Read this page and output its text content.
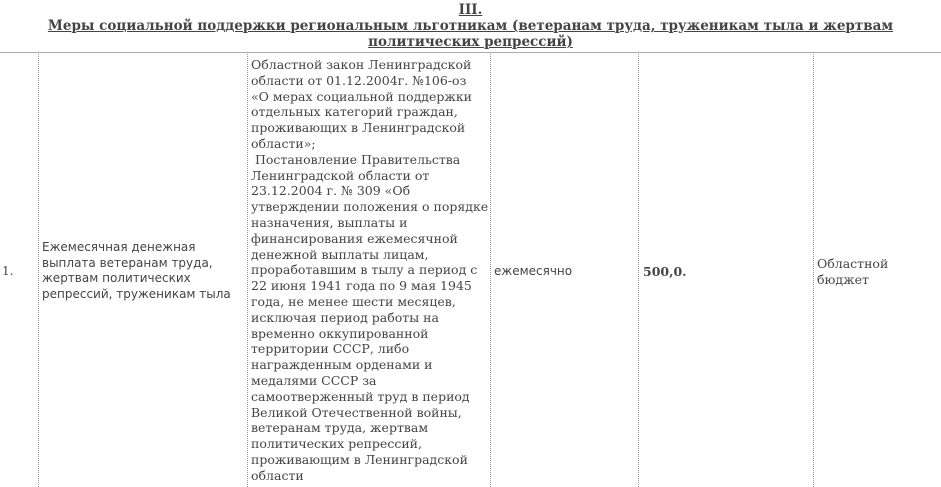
III.
Меры социальной поддержки региональным льготникам (ветеранам труда, труженикам тыла и жертвам политических репрессий)
1.
Ежемесячная денежная выплата ветеранам труда, жертвам политических репрессий, труженикам тыла
Областной закон Ленинградской
области от 01.12.2004г. №106-оз
«О мерах социальной поддержки
отдельных категорий граждан,
проживающих в Ленинградской
области»;
Постановление Правительства
Ленинградской области от
23.12.2004 г. № 309 «Об
утверждении положения о порядке
назначения, выплаты и
финансирования ежемесячной
денежной выплаты лицам,
проработавшим в тылу а период с
22 июня 1941 года по 9 мая 1945
года, не менее шести месяцев,
исключая период работы на
временно оккупированной
территории СССР, либо
награжденным орденами и
медалями СССР за
самоотверженный труд в период
Великой Отечественной войны,
ветеранам труда, жертвам
политических репрессий,
проживающим в Ленинградской
области
ежемесячно	500,0.
Областной бюджет
